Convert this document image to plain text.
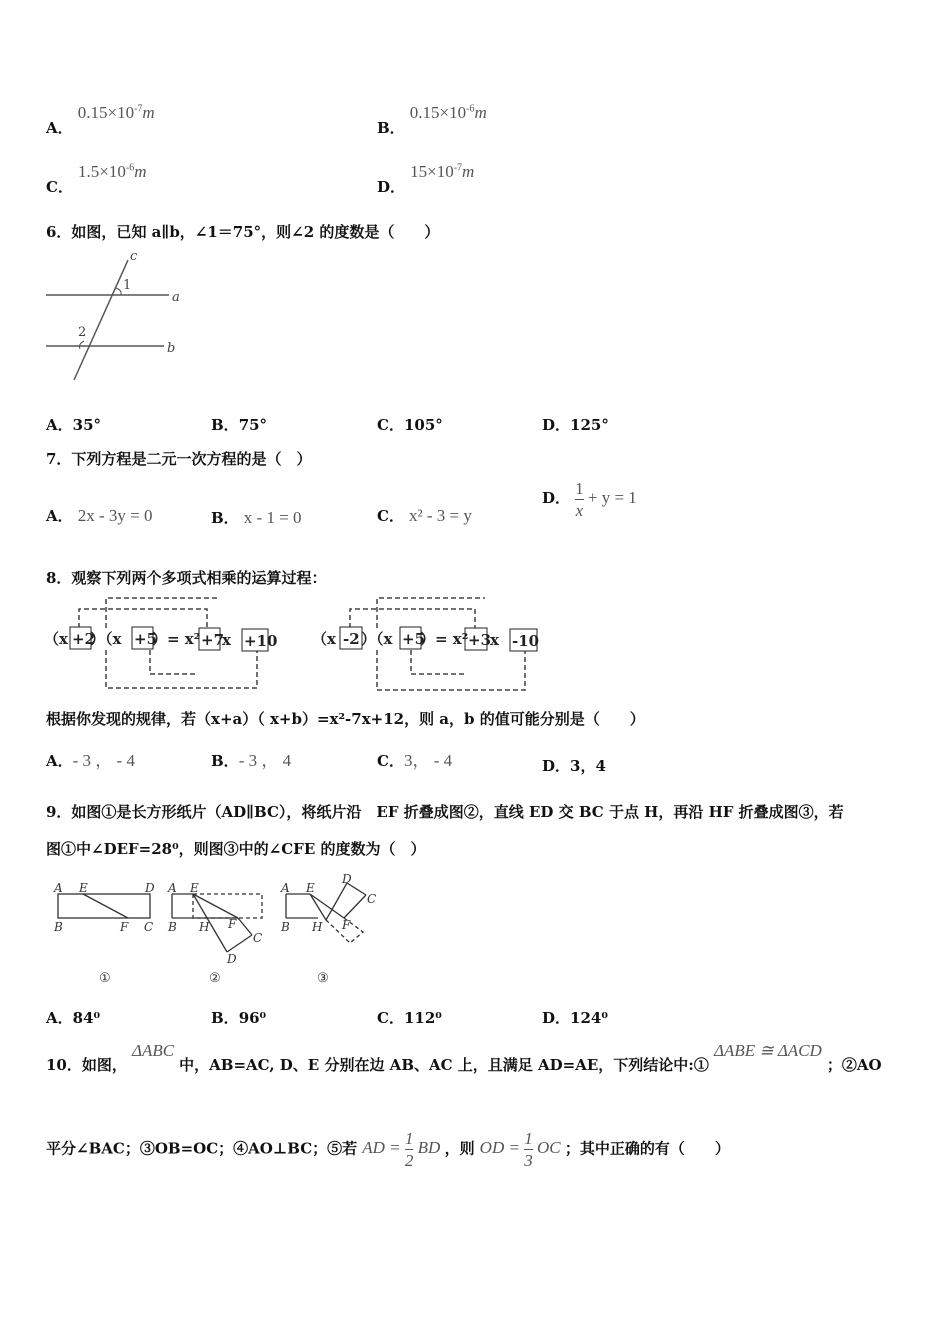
A． $0.15\times 10^{-7}m$
B． $0.15\times 10^{-6}m$
C． $1.5\times 10^{-6}m$
D． $15\times 10^{-7}m$
6．如图，已知 a∥b，∠1＝75°，则∠2 的度数是（　　）
c
a
b
1
2
A．35°	B．75°	C．105°	D．125°
7．下列方程是二元一次方程的是（　）
A． 2x - 3y = 0	B． x - 1 = 0	C． x² - 3 = y
D． $\frac{1}{x} + y = 1$
8．观察下列两个多项式相乘的运算过程：
（x +2
）（x +5
）= x² +7
x +10 （x -2 ）（x +5
）= x² +3
x -10
根据你发现的规律，若（x+a）（ x+b）=x²-7x+12，则 a，b 的值可能分别是（　　）
A．- 3 ， - 4	B．- 3 ， 4	C．3， - 4	D．3，4
9．如图①是长方形纸片（AD∥BC），将纸片沿　EF 折叠成图②，直线 ED 交 BC 于点 H，再沿 HF 折叠成图③，若
图①中∠DEF=28⁰，则图③中的∠CFE 的度数为（　）
A E	D
B	F C
A E
B H F
C
D
A E
B H F
D
C
①	②	③
A．84⁰	B．96⁰	C．112⁰	D．124⁰
10．如图， ΔABC 中，AB=AC, D、E 分别在边 AB、AC 上，且满足 AD=AE，下列结论中:① ΔABE ≅ ΔACD ；②AO
平分∠BAC；③OB=OC；④AO⊥BC；⑤若 AD = $\frac{1}{2}$ BD ，则 OD = $\frac{1}{3}$ OC ；其中正确的有（　　）
